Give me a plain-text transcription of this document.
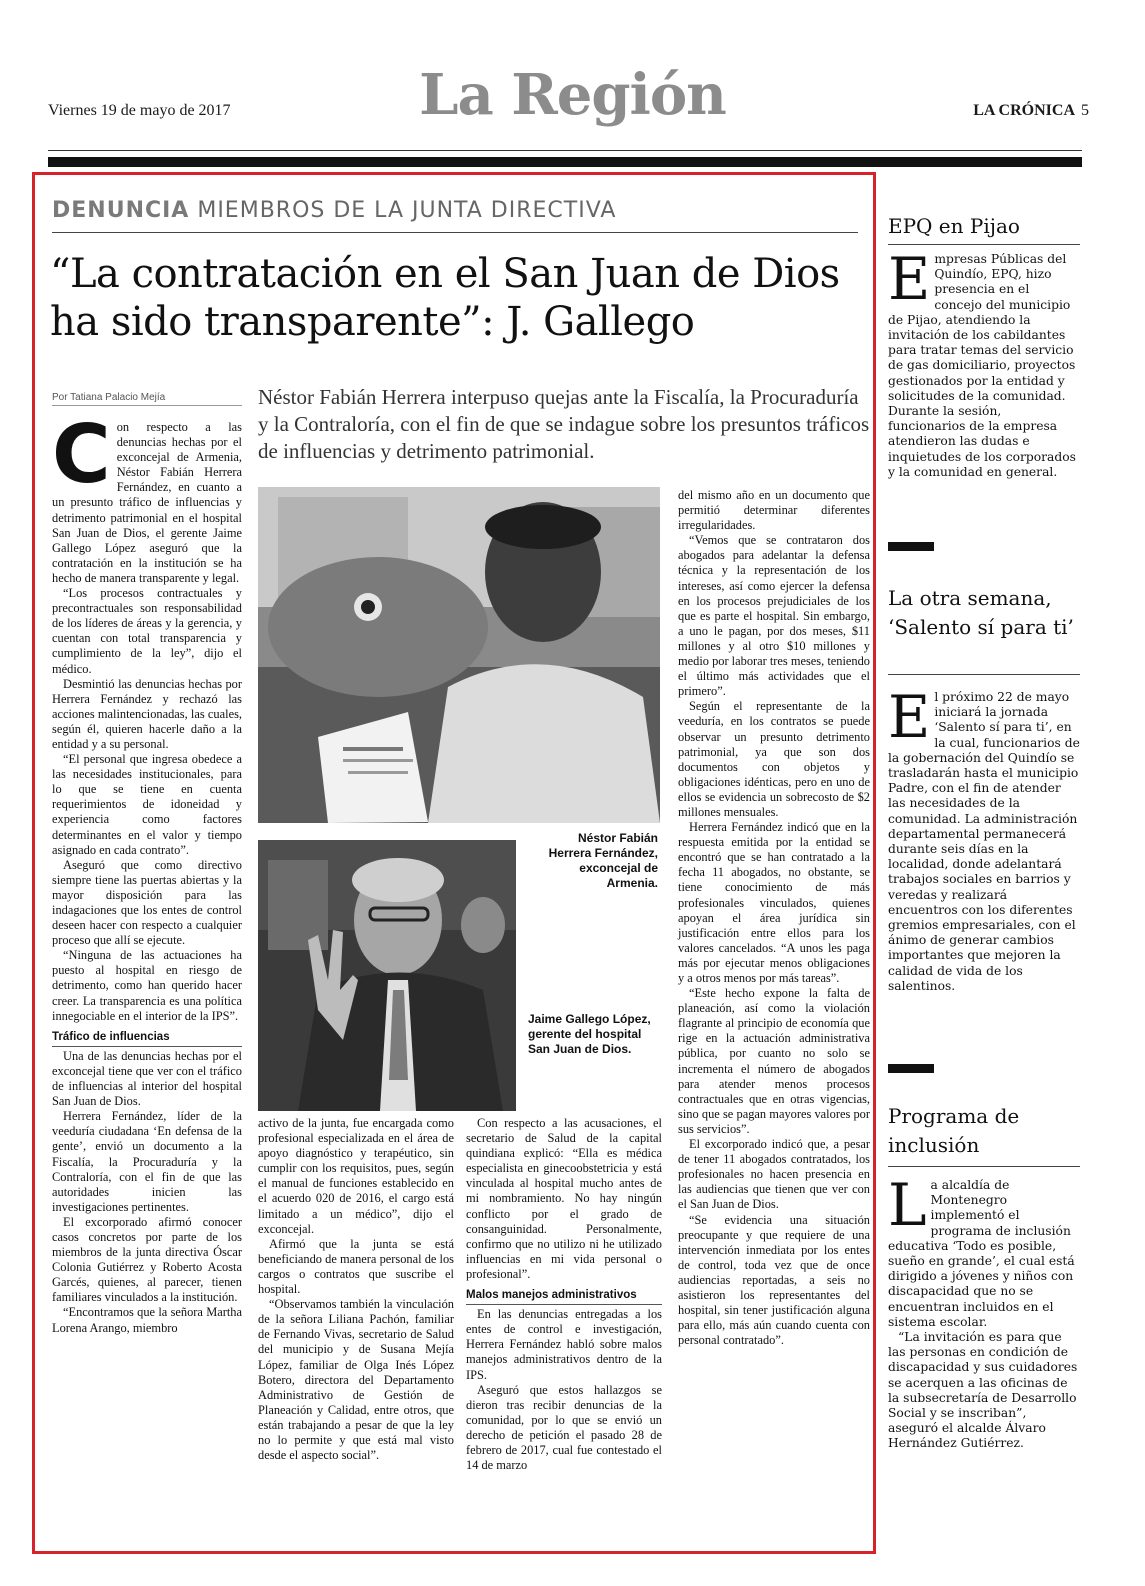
Viernes 19 de mayo de 2017	La Región	LA CRÓNICA 5
DENUNCIA MIEMBROS DE LA JUNTA DIRECTIVA
“La contratación en el San Juan de Dios ha sido transparente”: J. Gallego
Por Tatiana Palacio Mejía	Néstor Fabián Herrera interpuso quejas ante la Fiscalía, la Procuraduría y la Contraloría, con el fin de que se indague sobre los presuntos tráficos de influencias y detrimento patrimonial.
C on respecto a las denuncias hechas por el exconcejal de Armenia, Néstor Fabián Herrera Fernández, en cuanto a un presunto tráfico de influencias y detrimento patrimonial en el hospital San Juan de Dios, el gerente Jaime Gallego López aseguró que la contratación en la institución se ha hecho de manera transparente y legal.

“Los procesos contractuales y precontractuales son responsabilidad de los líderes de áreas y la gerencia, y cuentan con total transparencia y cumplimiento de la ley”, dijo el médico.

Desmintió las denuncias hechas por Herrera Fernández y rechazó las acciones malintencionadas, las cuales, según él, quieren hacerle daño a la entidad y a su personal.

“El personal que ingresa obedece a las necesidades institucionales, para lo que se tiene en cuenta requerimientos de idoneidad y experiencia como factores determinantes en el valor y tiempo asignado en cada contrato”.

Aseguró que como directivo siempre tiene las puertas abiertas y la mayor disposición para las indagaciones que los entes de control deseen hacer con respecto a cualquier proceso que allí se ejecute.

“Ninguna de las actuaciones ha puesto al hospital en riesgo de detrimento, como han querido hacer creer. La transparencia es una política innegociable en el interior de la IPS”.

Tráfico de influencias

Una de las denuncias hechas por el exconcejal tiene que ver con el tráfico de influencias al interior del hospital San Juan de Dios.

Herrera Fernández, líder de la veeduría ciudadana ‘En defensa de la gente’, envió un documento a la Fiscalía, la Procuraduría y la Contraloría, con el fin de que las autoridades inicien las investigaciones pertinentes.

El excorporado afirmó conocer casos concretos por parte de los miembros de la junta directiva Óscar Colonia Gutiérrez y Roberto Acosta Garcés, quienes, al parecer, tienen familiares vinculados a la institución.

“Encontramos que la señora Martha Lorena Arango, miembro

Néstor Fabián Herrera Fernández, exconcejal de Armenia.
Jaime Gallego López, gerente del hospital San Juan de Dios.

activo de la junta, fue encargada como profesional especializada en el área de apoyo diagnóstico y terapéutico, sin cumplir con los requisitos, pues, según el manual de funciones establecido en el acuerdo 020 de 2016, el cargo está limitado a un médico”, dijo el exconcejal.

Afirmó que la junta se está beneficiando de manera personal de los cargos o contratos que suscribe el hospital.

“Observamos también la vinculación de la señora Liliana Pachón, familiar de Fernando Vivas, secretario de Salud del municipio y de Susana Mejía López, familiar de Olga Inés López Botero, directora del Departamento Administrativo de Gestión de Planeación y Calidad, entre otros, que están trabajando a pesar de que la ley no lo permite y que está mal visto desde el aspecto social”.

Con respecto a las acusaciones, el secretario de Salud de la capital quindiana explicó: “Ella es médica especialista en ginecoobstetricia y está vinculada al hospital mucho antes de mi nombramiento. No hay ningún conflicto por el grado de consanguinidad. Personalmente, confirmo que no utilizo ni he utilizado influencias en mi vida personal o profesional”.

Malos manejos administrativos

En las denuncias entregadas a los entes de control e investigación, Herrera Fernández habló sobre malos manejos administrativos dentro de la IPS.

Aseguró que estos hallazgos se dieron tras recibir denuncias de la comunidad, por lo que se envió un derecho de petición el pasado 28 de febrero de 2017, cual fue contestado el 14 de marzo

del mismo año en un documento que permitió determinar diferentes irregularidades.

“Vemos que se contrataron dos abogados para adelantar la defensa técnica y la representación de los intereses, así como ejercer la defensa en los procesos prejudiciales de los que es parte el hospital. Sin embargo, a uno le pagan, por dos meses, $11 millones y al otro $10 millones y medio por laborar tres meses, teniendo el último más actividades que el primero”.

Según el representante de la veeduría, en los contratos se puede observar un presunto detrimento patrimonial, ya que son dos documentos con objetos y obligaciones idénticas, pero en uno de ellos se evidencia un sobrecosto de $2 millones mensuales.

Herrera Fernández indicó que en la respuesta emitida por la entidad se encontró que se han contratado a la fecha 11 abogados, no obstante, se tiene conocimiento de más profesionales vinculados, quienes apoyan el área jurídica sin justificación entre ellos para los valores cancelados. “A unos les paga más por ejecutar menos obligaciones y a otros menos por más tareas”.

“Este hecho expone la falta de planeación, así como la violación flagrante al principio de economía que rige en la actuación administrativa pública, por cuanto no solo se incrementa el número de abogados para atender menos procesos contractuales que en otras vigencias, sino que se pagan mayores valores por sus servicios”.

El excorporado indicó que, a pesar de tener 11 abogados contratados, los profesionales no hacen presencia en las audiencias que tienen que ver con el San Juan de Dios.

“Se evidencia una situación preocupante y que requiere de una intervención inmediata por los entes de control, toda vez que de once audiencias reportadas, a seis no asistieron los representantes del hospital, sin tener justificación alguna para ello, más aún cuando cuenta con personal contratado”.

EPQ en Pijao
E mpresas Públicas del Quindío, EPQ, hizo presencia en el concejo del municipio de Pijao, atendiendo la invitación de los cabildantes para tratar temas del servicio de gas domiciliario, proyectos gestionados por la entidad y solicitudes de la comunidad. Durante la sesión, funcionarios de la empresa atendieron las dudas e inquietudes de los corporados y la comunidad en general.

La otra semana, ‘Salento sí para ti’
E l próximo 22 de mayo iniciará la jornada ‘Salento sí para ti’, en la cual, funcionarios de la gobernación del Quindío se trasladarán hasta el municipio Padre, con el fin de atender las necesidades de la comunidad. La administración departamental permanecerá durante seis días en la localidad, donde adelantará trabajos sociales en barrios y veredas y realizará encuentros con los diferentes gremios empresariales, con el ánimo de generar cambios importantes que mejoren la calidad de vida de los salentinos.

Programa de inclusión
L a alcaldía de Montenegro implementó el programa de inclusión educativa ‘Todo es posible, sueño en grande’, el cual está dirigido a jóvenes y niños con discapacidad que no se encuentran incluidos en el sistema escolar.

“La invitación es para que las personas en condición de discapacidad y sus cuidadores se acerquen a las oficinas de la subsecretaría de Desarrollo Social y se inscriban”, aseguró el alcalde Álvaro Hernández Gutiérrez.
